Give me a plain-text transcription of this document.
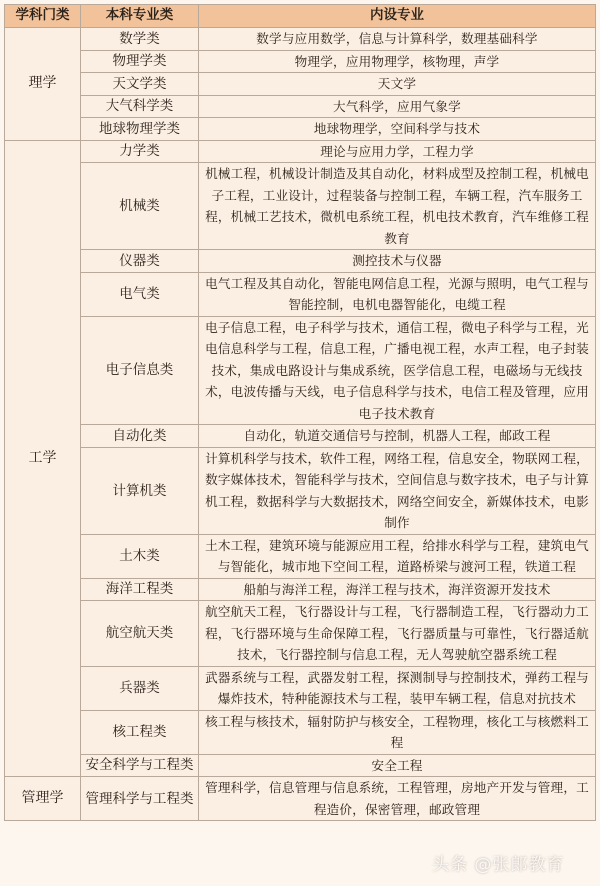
学科门类	本科专业类	内设专业
理学	数学类	数学与应用数学，信息与计算科学，数理基础科学
	物理学类	物理学，应用物理学，核物理，声学
	天文学类	天文学
	大气科学类	大气科学，应用气象学
	地球物理学类	地球物理学，空间科学与技术
工学	力学类	理论与应用力学，工程力学
	机械类	机械工程，机械设计制造及其自动化，材料成型及控制工程，机械电子工程，工业设计，过程装备与控制工程，车辆工程，汽车服务工程，机械工艺技术，微机电系统工程，机电技术教育，汽车维修工程教育
	仪器类	测控技术与仪器
	电气类	电气工程及其自动化，智能电网信息工程，光源与照明，电气工程与智能控制，电机电器智能化，电缆工程
	电子信息类	电子信息工程，电子科学与技术，通信工程，微电子科学与工程，光电信息科学与工程，信息工程，广播电视工程，水声工程，电子封装技术，集成电路设计与集成系统，医学信息工程，电磁场与无线技术，电波传播与天线，电子信息科学与技术，电信工程及管理，应用电子技术教育
	自动化类	自动化，轨道交通信号与控制，机器人工程，邮政工程
	计算机类	计算机科学与技术，软件工程，网络工程，信息安全，物联网工程，数字媒体技术，智能科学与技术，空间信息与数字技术，电子与计算机工程，数据科学与大数据技术，网络空间安全，新媒体技术，电影制作
	土木类	土木工程，建筑环境与能源应用工程，给排水科学与工程，建筑电气与智能化，城市地下空间工程，道路桥梁与渡河工程，铁道工程
	海洋工程类	船舶与海洋工程，海洋工程与技术，海洋资源开发技术
	航空航天类	航空航天工程，飞行器设计与工程，飞行器制造工程，飞行器动力工程，飞行器环境与生命保障工程，飞行器质量与可靠性，飞行器适航技术，飞行器控制与信息工程，无人驾驶航空器系统工程
	兵器类	武器系统与工程，武器发射工程，探测制导与控制技术，弹药工程与爆炸技术，特种能源技术与工程，装甲车辆工程，信息对抗技术
	核工程类	核工程与核技术，辐射防护与核安全，工程物理，核化工与核燃料工程
	安全科学与工程类	安全工程
管理学	管理科学与工程类	管理科学，信息管理与信息系统，工程管理，房地产开发与管理，工程造价，保密管理，邮政管理
头条 @张郎教育
